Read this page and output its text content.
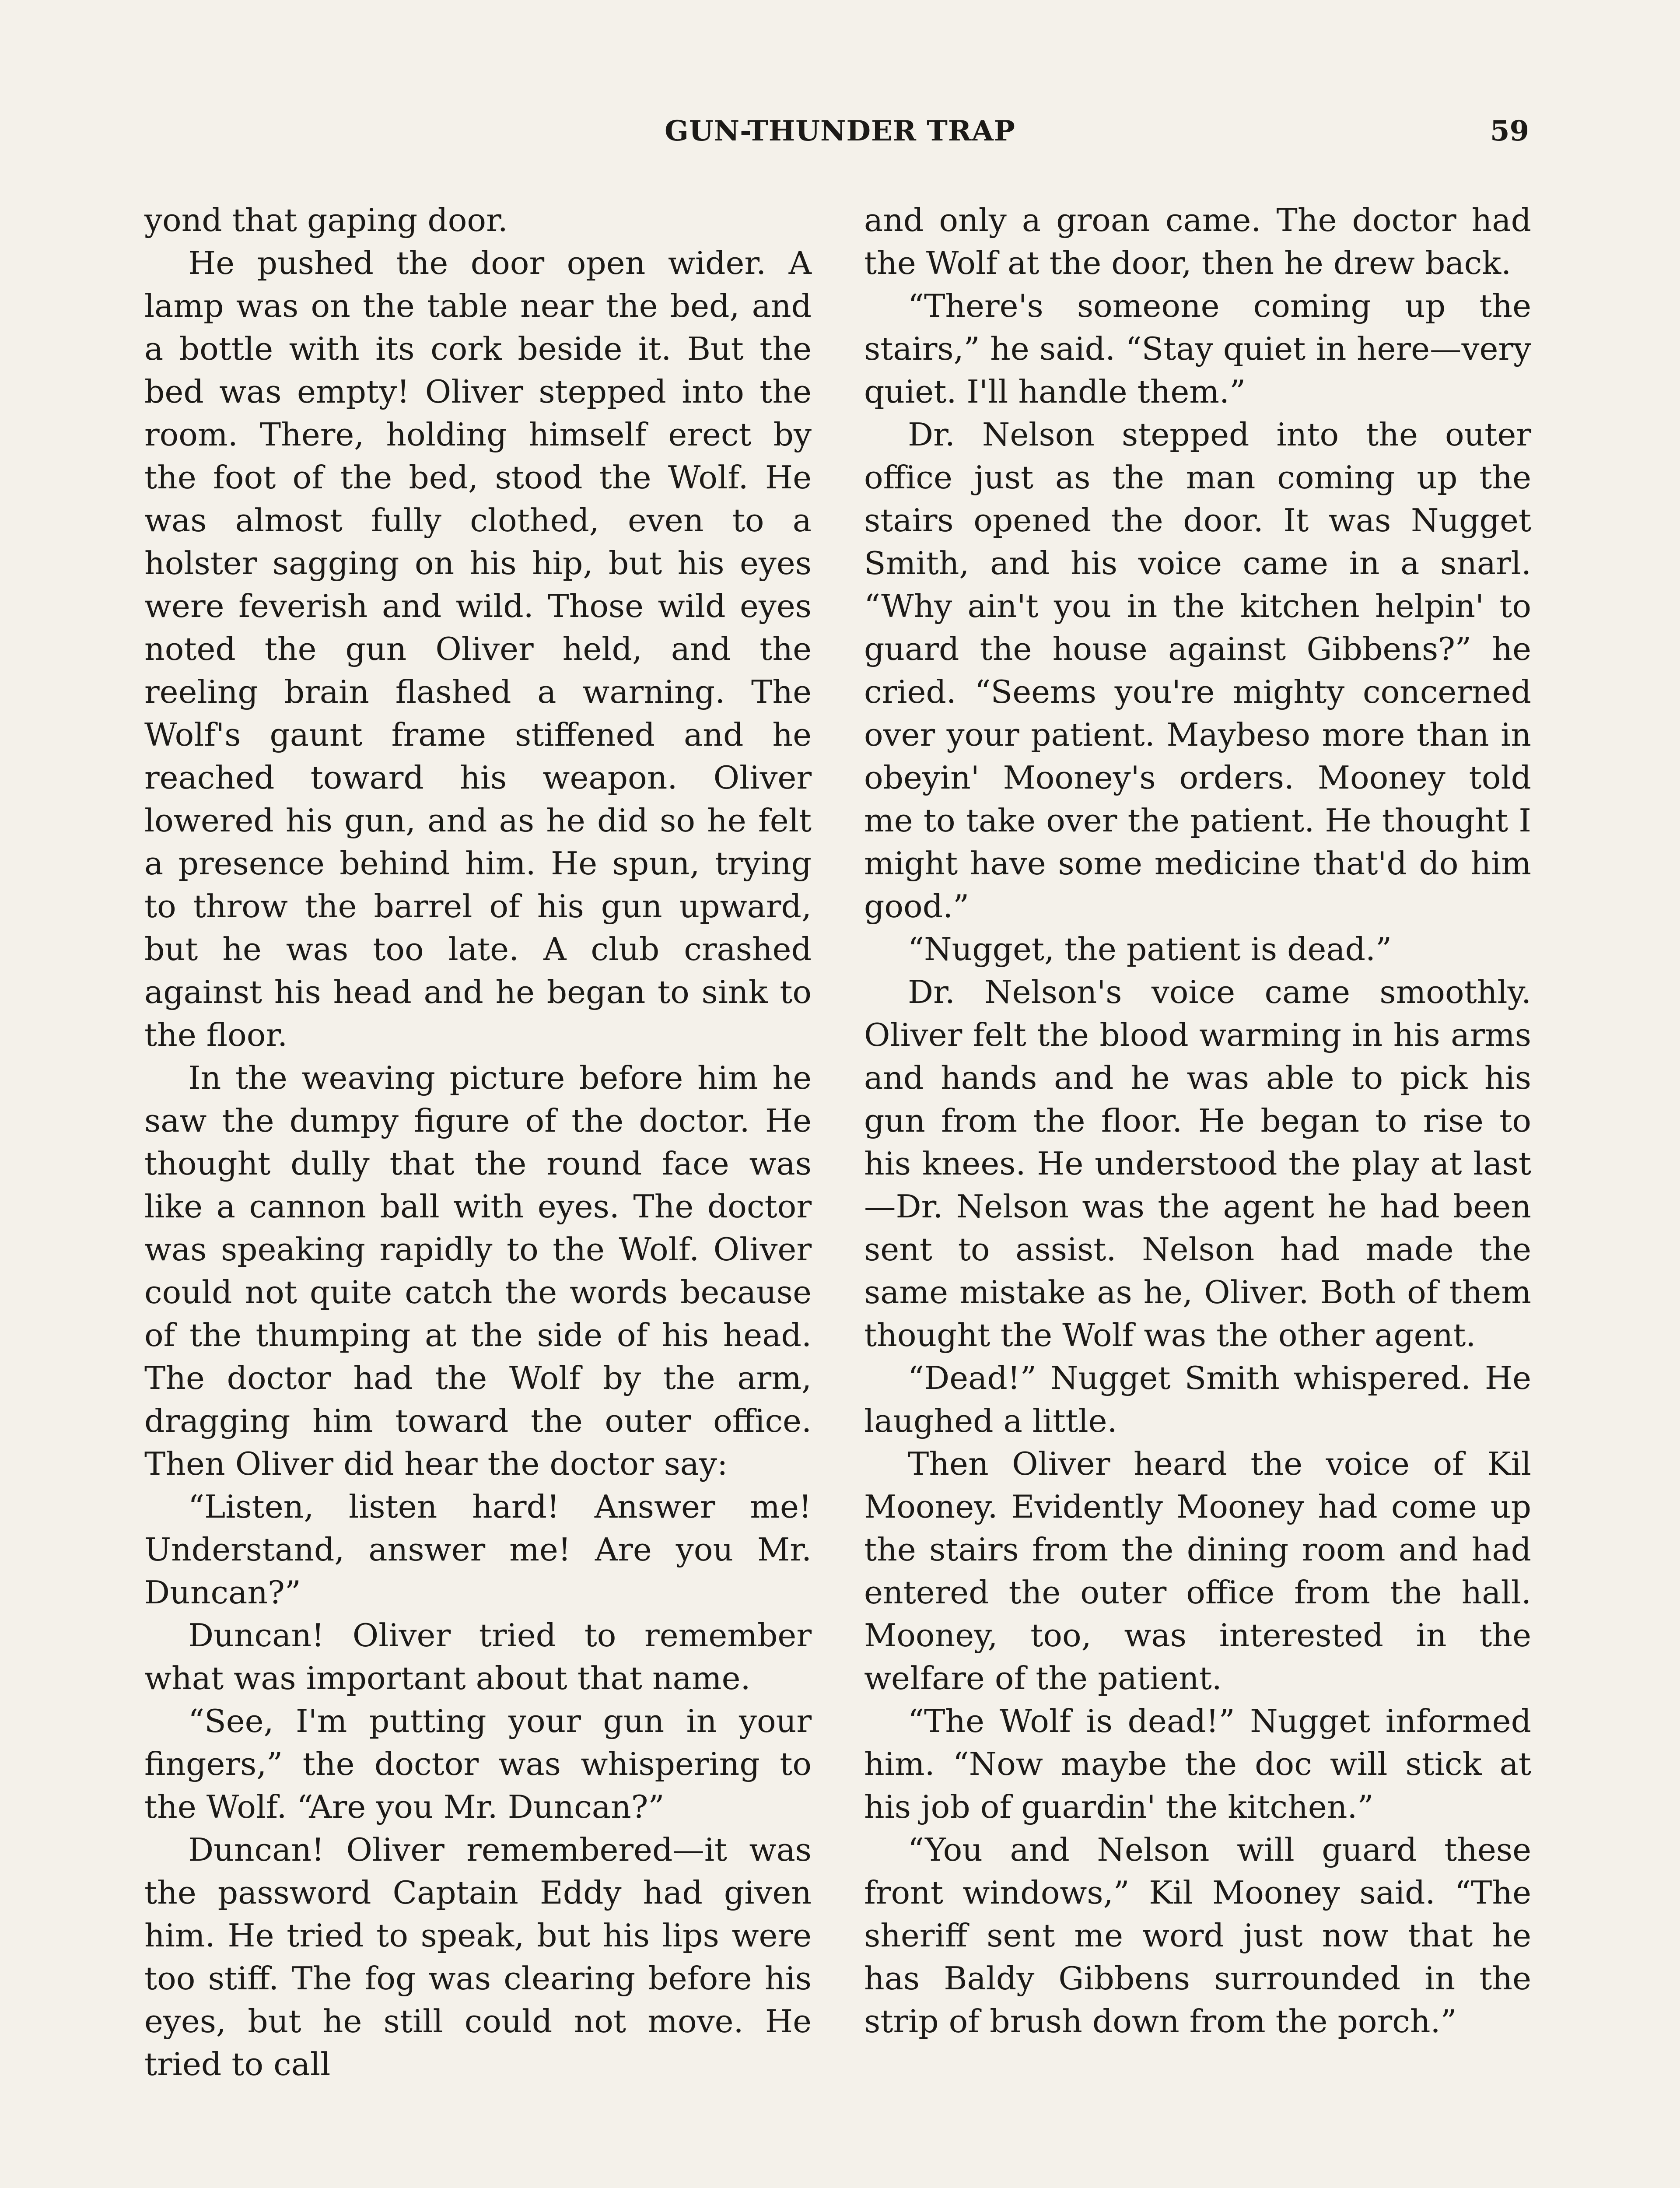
GUN-THUNDER TRAP	59

yond that gaping door.

He pushed the door open wider. A lamp was on the table near the bed, and a bottle with its cork beside it. But the bed was empty! Oliver stepped into the room. There, holding himself erect by the foot of the bed, stood the Wolf. He was almost fully clothed, even to a holster sagging on his hip, but his eyes were feverish and wild. Those wild eyes noted the gun Oliver held, and the reeling brain flashed a warning. The Wolf's gaunt frame stiffened and he reached toward his weapon. Oliver lowered his gun, and as he did so he felt a presence behind him. He spun, trying to throw the barrel of his gun upward, but he was too late. A club crashed against his head and he began to sink to the floor.

In the weaving picture before him he saw the dumpy figure of the doctor. He thought dully that the round face was like a cannon ball with eyes. The doctor was speaking rapidly to the Wolf. Oliver could not quite catch the words because of the thumping at the side of his head. The doctor had the Wolf by the arm, dragging him toward the outer office. Then Oliver did hear the doctor say:

“Listen, listen hard! Answer me! Understand, answer me! Are you Mr. Duncan?”

Duncan! Oliver tried to remember what was important about that name.

“See, I'm putting your gun in your fingers,” the doctor was whispering to the Wolf. “Are you Mr. Duncan?”

Duncan! Oliver remembered—it was the password Captain Eddy had given him. He tried to speak, but his lips were too stiff. The fog was clearing before his eyes, but he still could not move. He tried to call

and only a groan came. The doctor had the Wolf at the door, then he drew back.

“There's someone coming up the stairs,” he said. “Stay quiet in here—very quiet. I'll handle them.”

Dr. Nelson stepped into the outer office just as the man coming up the stairs opened the door. It was Nugget Smith, and his voice came in a snarl. “Why ain't you in the kitchen helpin' to guard the house against Gibbens?” he cried. “Seems you're mighty concerned over your patient. Maybeso more than in obeyin' Mooney's orders. Mooney told me to take over the patient. He thought I might have some medicine that'd do him good.”

“Nugget, the patient is dead.”

Dr. Nelson's voice came smoothly. Oliver felt the blood warming in his arms and hands and he was able to pick his gun from the floor. He began to rise to his knees. He understood the play at last—Dr. Nelson was the agent he had been sent to assist. Nelson had made the same mistake as he, Oliver. Both of them thought the Wolf was the other agent.

“Dead!” Nugget Smith whispered. He laughed a little.

Then Oliver heard the voice of Kil Mooney. Evidently Mooney had come up the stairs from the dining room and had entered the outer office from the hall. Mooney, too, was interested in the welfare of the patient.

“The Wolf is dead!” Nugget informed him. “Now maybe the doc will stick at his job of guardin' the kitchen.”

“You and Nelson will guard these front windows,” Kil Mooney said. “The sheriff sent me word just now that he has Baldy Gibbens surrounded in the strip of brush down from the porch.”
